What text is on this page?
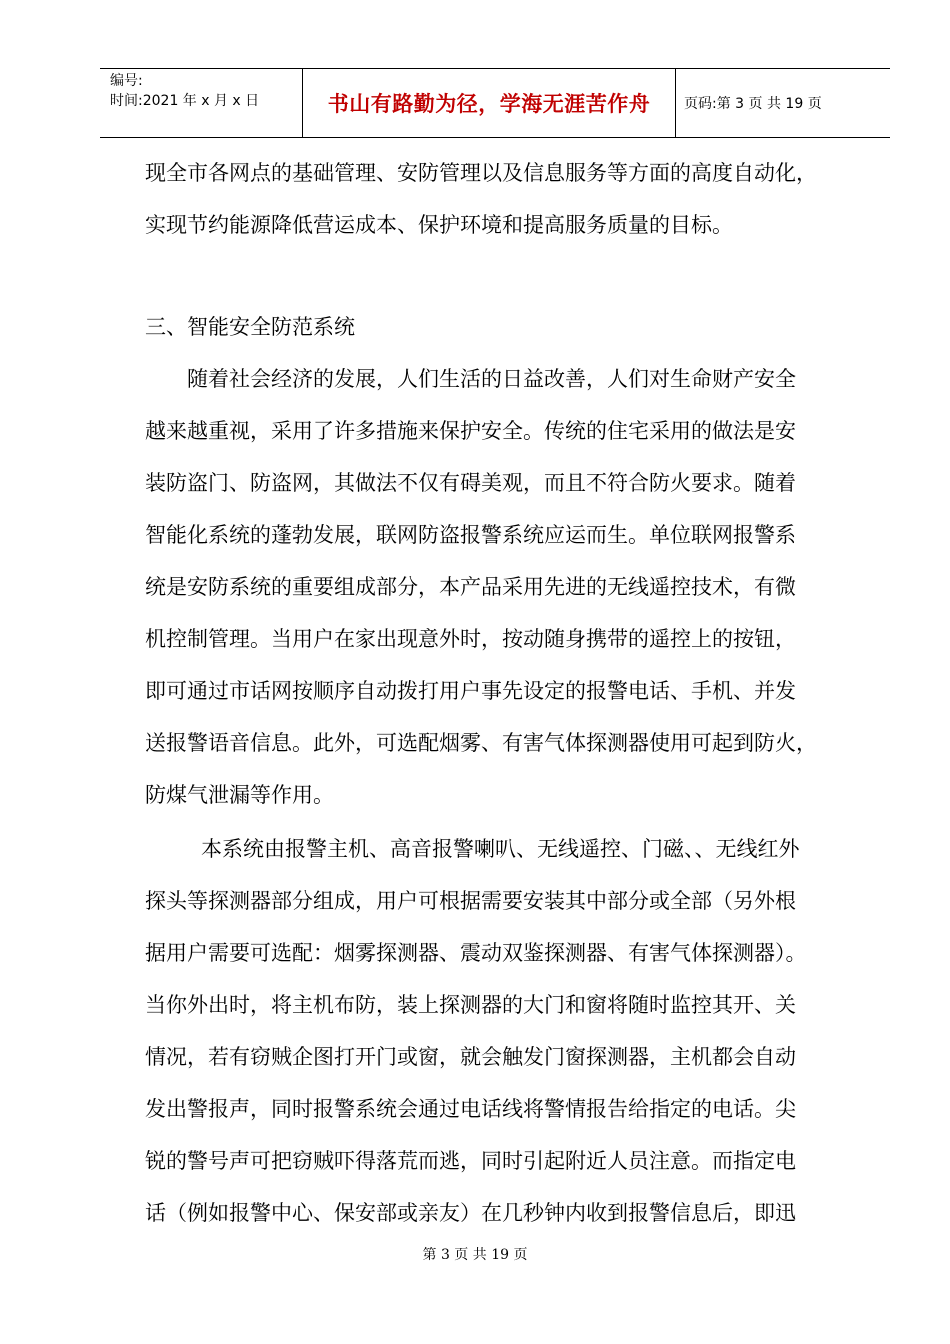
编号:
时间:2021 年 x 月 x 日	书山有路勤为径，学海无涯苦作舟 页码:第 3 页 共 19 页
现全市各网点的基础管理、安防管理以及信息服务等方面的高度自动化，
实现节约能源降低营运成本、保护环境和提高服务质量的目标。
三、智能安全防范系统
随着社会经济的发展，人们生活的日益改善，人们对生命财产安全
越来越重视，采用了许多措施来保护安全。传统的住宅采用的做法是安
装防盗门、防盗网，其做法不仅有碍美观，而且不符合防火要求。随着
智能化系统的蓬勃发展，联网防盗报警系统应运而生。单位联网报警系
统是安防系统的重要组成部分，本产品采用先进的无线遥控技术，有微
机控制管理。当用户在家出现意外时，按动随身携带的遥控上的按钮，
即可通过市话网按顺序自动拨打用户事先设定的报警电话、手机、并发
送报警语音信息。此外，可选配烟雾、有害气体探测器使用可起到防火，
防煤气泄漏等作用。
本系统由报警主机、高音报警喇叭、无线遥控、门磁、、无线红外
探头等探测器部分组成，用户可根据需要安装其中部分或全部（另外根
据用户需要可选配：烟雾探测器、震动双鉴探测器、有害气体探测器）。
当你外出时，将主机布防，装上探测器的大门和窗将随时监控其开、关
情况，若有窃贼企图打开门或窗，就会触发门窗探测器，主机都会自动
发出警报声，同时报警系统会通过电话线将警情报告给指定的电话。尖
锐的警号声可把窃贼吓得落荒而逃，同时引起附近人员注意。而指定电
话（例如报警中心、保安部或亲友）在几秒钟内收到报警信息后，即迅
第 3 页 共 19 页
